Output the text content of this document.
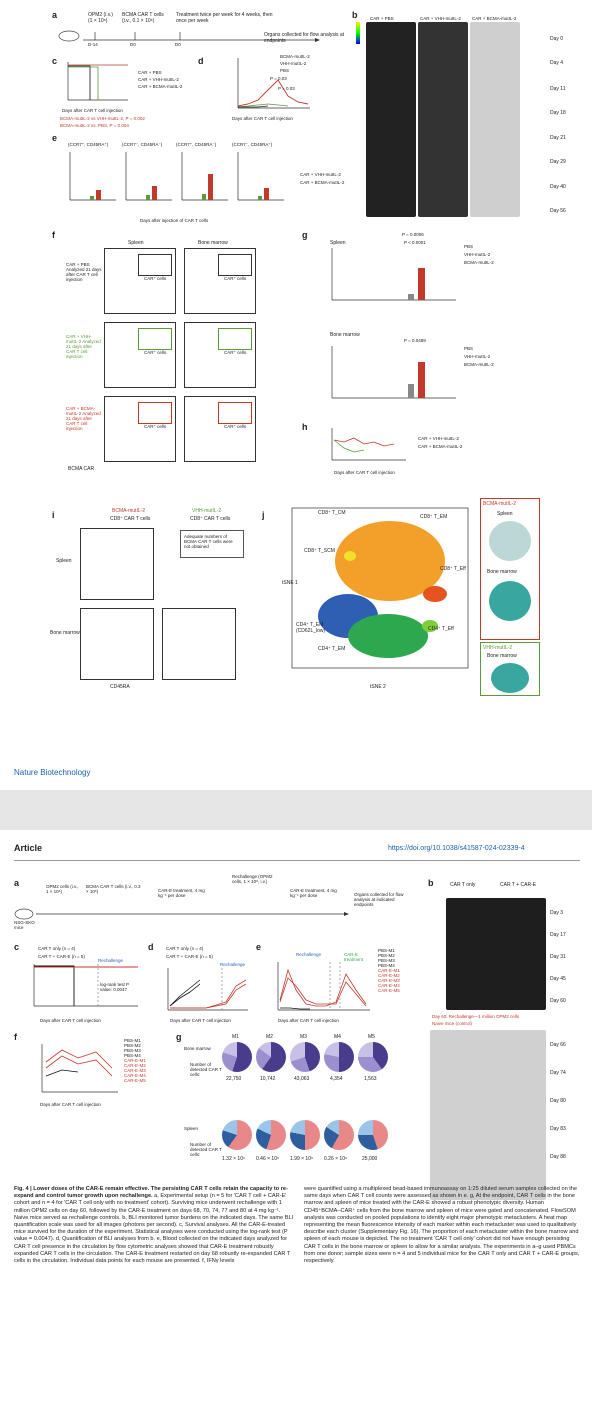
a	OPM2 (i.v.)
(1 × 10⁶)
BCMA CAR T cells (i.v., 0.1 × 10⁶)
Treatment twice per week for 4 weeks, then once per week
Organs collected for flow analysis at endpoints
D-14	D0	D0
b	CAR + PBS	CAR + VHH-mutIL-2 CAR + BCMA-mutIL-2
Day 0
Day 4
Day 11
Day 18
Day 21
Day 29
Day 40
Day 56
c
CAR + PBS
CAR + VHH-mutIL-2
CAR + BCMA-mutIL-2
Days after CAR T cell injection
BCMA-mutIL-2 vs VHH-mutIL-2, P = 0.002
BCMA-mutIL-2 vs. PBS, P = 0.004
d	BCMA-mutIL-2
VHH-mutIL-2
PBS
P = 0.03
P = 0.03
Days after CAR T cell injection
e
(CCR7⁺, CD45RA⁺)	(CCR7⁻, CD45RA⁻)	(CCR7⁺, CD45RA⁻)	(CCR7⁻, CD45RA⁺)
CAR + VHH-mutIL-2
CAR + BCMA-mutIL-2
Days after injection of CAR T cells
f
Spleen	Bone marrow
CAR⁺ cells	CAR⁺ cells
CAR⁺ cells	CAR⁺ cells
CAR⁺ cells	CAR⁺ cells
CAR + PBS Analyzed 21 days after CAR T cell injection
CAR + VHH-mutIL-2 Analyzed 21 days after CAR T cell injection
CAR + BCMA-mutIL-2 Analyzed 21 days after CAR T cell injection
BCMA CAR
g
Spleen
P = 0.0006
P < 0.0001
PBS
VHH-mutIL-2
BCMA-mutIL-2
Bone marrow
P = 0.0489
PBS
VHH-mutIL-2
BCMA-mutIL-2
h
CAR + VHH-mutIL-2
CAR + BCMA-mutIL-2
Days after CAR T cell injection
i	BCMA-mutIL-2	VHH-mutIL-2
CD8⁺ CAR T cells	CD8⁺ CAR T cells
Adequate numbers of BCMA CAR T cells were not obtained
Spleen
Bone marrow
CD45RA
j	CD8⁺ T_CM
CD8⁺ T_EM
CD8⁺ T_SCM
CD8⁺ T_Eff
CD4⁺ T_EM (CD62L_low)	CD4⁺ T_Eff
CD4⁺ T_EM
tSNE 2
tSNE 1
BCMA-mutIL-2
Spleen
Bone marrow
VHH-mutIL-2
Bone marrow
Nature Biotechnology
Article	https://doi.org/10.1038/s41587-024-02339-4
a	OPM2 cells (i.v., 1 × 10⁶)
BCMA CAR T cells (i.v., 0.3 × 10⁶)	CAR-E treatment, 4 mg kg⁻¹ per dose
Rechallenge (OPM2 cells, 1 × 10⁶, i.v.)
CAR-E treatment, 4 mg kg⁻¹ per dose	Organs collected for flow analysis at indicated endpoints
NSG-SKO mice
b	CAR T only	CAR T + CAR-E
Day 60: Rechallenge—1 million OPM2 cells
Naive mice (control)
Day 3
Day 17
Day 31
Day 45
Day 60
Day 66
Day 74
Day 80
Day 83
Day 88
c	CAR T only (n = 4)
CAR T + CAR-E (n = 5)
Rechallenge
log-rank test P value: 0.0047
Days after CAR T cell injection
d	CAR T only (n = 4)
CAR T + CAR-E (n = 5)
Rechallenge
Days after CAR T cell injection
e
Rechallenge	CAR-E treatment
Days after CAR T cell injection
PBS-M1
PBS-M2
PBS-M3
PBS-M4
CAR-E-M1
CAR-E-M2
CAR-E-M3
CAR-E-M4
CAR-E-M5
f
Days after CAR T cell injection
PBS-M1
PBS-M2
PBS-M3
PBS-M4
CAR-E-M1
CAR-E-M2
CAR-E-M3
CAR-E-M4
CAR-E-M5
g	M1	M2	M3	M4	M5
Number of detected CAR T cells:
22,750	10,742	43,063	4,354	1,563
Bone marrow
Number of detected CAR T cells:
1.32 × 10⁶ 0.46 × 10⁶ 1.99 × 10⁶ 0.26 × 10⁶	25,000
Spleen
Fig. 4 | Lower doses of the CAR-E remain effective. The persisting CAR T cells retain the capacity to re-expand and control tumor growth upon rechallenge. a, Experimental setup (n = 5 for 'CAR T cell + CAR-E' cohort and n = 4 for 'CAR T cell only with no treatment' cohort). Surviving mice underwent rechallenge with 1 million OPM2 cells on day 60, followed by the CAR-E treatment on days 68, 70, 74, 77 and 80 at 4 mg kg⁻¹. Naive mice served as rechallenge controls. b, BLI monitored tumor burdens on the indicated days. The same BLI quantification scale was used for all images (photons per second). c, Survival analyses. All the CAR-E-treated mice survived for the duration of the experiment. Statistical analyses were conducted using the log-rank test (P value = 0.0047). d, Quantification of BLI analyses from b. e, Blood collected on the indicated days analyzed for CAR T cell presence in the circulation by flow cytometric analyses showed that CAR-E treatment robustly expanded CAR T cells in the circulation. The CAR-E treatment restarted on day 68 robustly re-expanded CAR T cells in the circulation. Individual data points for each mouse are presented. f, IFNγ levels
were quantified using a multiplexed bead-based immunoassay on 1:25 diluted serum samples collected on the same days when CAR T cell counts were assessed as shown in e. g, At the endpoint, CAR T cells in the bone marrow and spleen of mice treated with the CAR-E showed a robust phenotypic diversity. Human CD45⁺BCMA–CAR⁺ cells from the bone marrow and spleen of mice were gated and concatenated. FlowSOM analysis was conducted on pooled populations to identify eight major phenotypic metaclusters. A heat map representing the mean fluorescence intensity of each marker within each metacluster was used to qualitatively describe each cluster (Supplementary Fig. 16). The proportion of each metacluster within the bone marrow and spleen of each mouse is depicted. The no treatment 'CAR T cell only' cohort did not have enough persisting CAR T cells in the bone marrow or spleen to allow for a similar analysis. The experiments in a–g used PBMCs from one donor; sample sizes were n = 4 and 5 individual mice for the CAR T only and CAR T + CAR-E groups, respectively.
